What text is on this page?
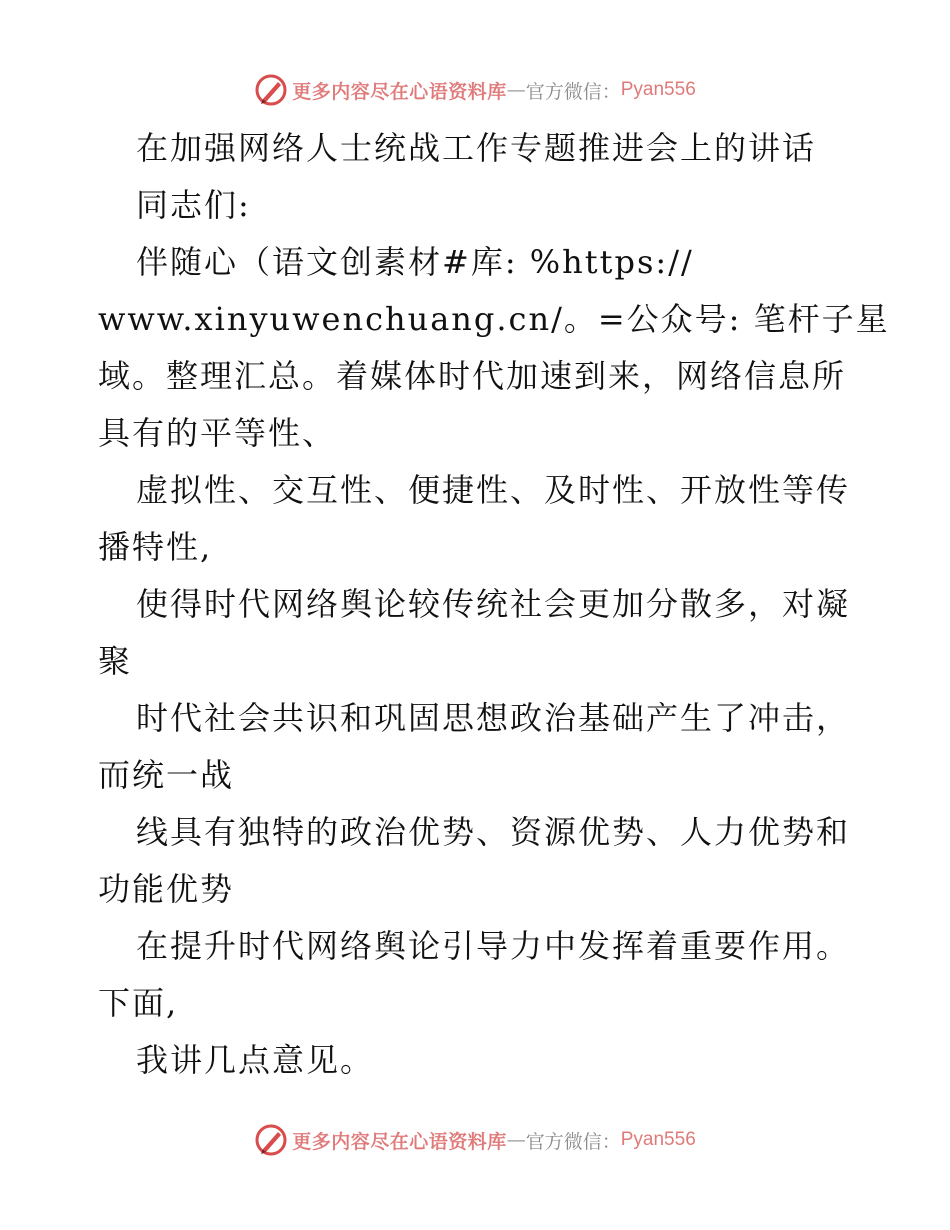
更多内容尽在心语资料库 — 官方微信： Pyan556
在加强网络人士统战工作专题推进会上的讲话
同志们:
伴随心（语文创素材#库: %https://
www.xinyuwenchuang.cn/。=公众号: 笔杆子星
域。整理汇总。着媒体时代加速到来，网络信息所
具有的平等性、
虚拟性、交互性、便捷性、及时性、开放性等传
播特性,
使得时代网络舆论较传统社会更加分散多，对凝
聚
时代社会共识和巩固思想政治基础产生了冲击，
而统一战
线具有独特的政治优势、资源优势、人力优势和
功能优势
在提升时代网络舆论引导力中发挥着重要作用。
下面,
我讲几点意见。
更多内容尽在心语资料库 — 官方微信： Pyan556
